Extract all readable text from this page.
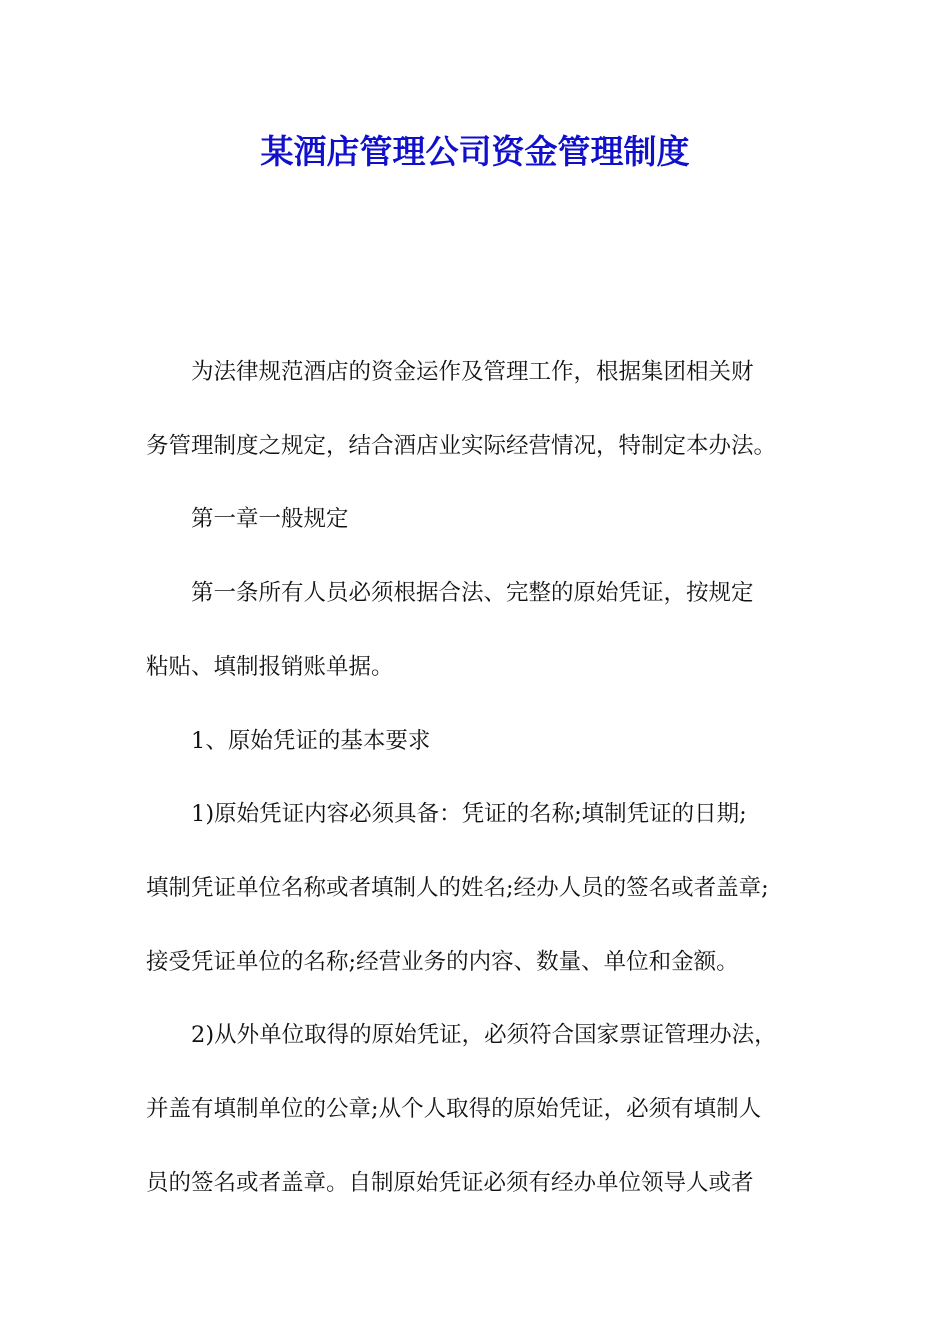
某酒店管理公司资金管理制度
为法律规范酒店的资金运作及管理工作，根据集团相关财
务管理制度之规定，结合酒店业实际经营情况，特制定本办法。
第一章一般规定
第一条所有人员必须根据合法、完整的原始凭证，按规定
粘贴、填制报销账单据。
1、原始凭证的基本要求
1)原始凭证内容必须具备：凭证的名称;填制凭证的日期;
填制凭证单位名称或者填制人的姓名;经办人员的签名或者盖章;
接受凭证单位的名称;经营业务的内容、数量、单位和金额。
2)从外单位取得的原始凭证，必须符合国家票证管理办法，
并盖有填制单位的公章;从个人取得的原始凭证，必须有填制人
员的签名或者盖章。自制原始凭证必须有经办单位领导人或者
